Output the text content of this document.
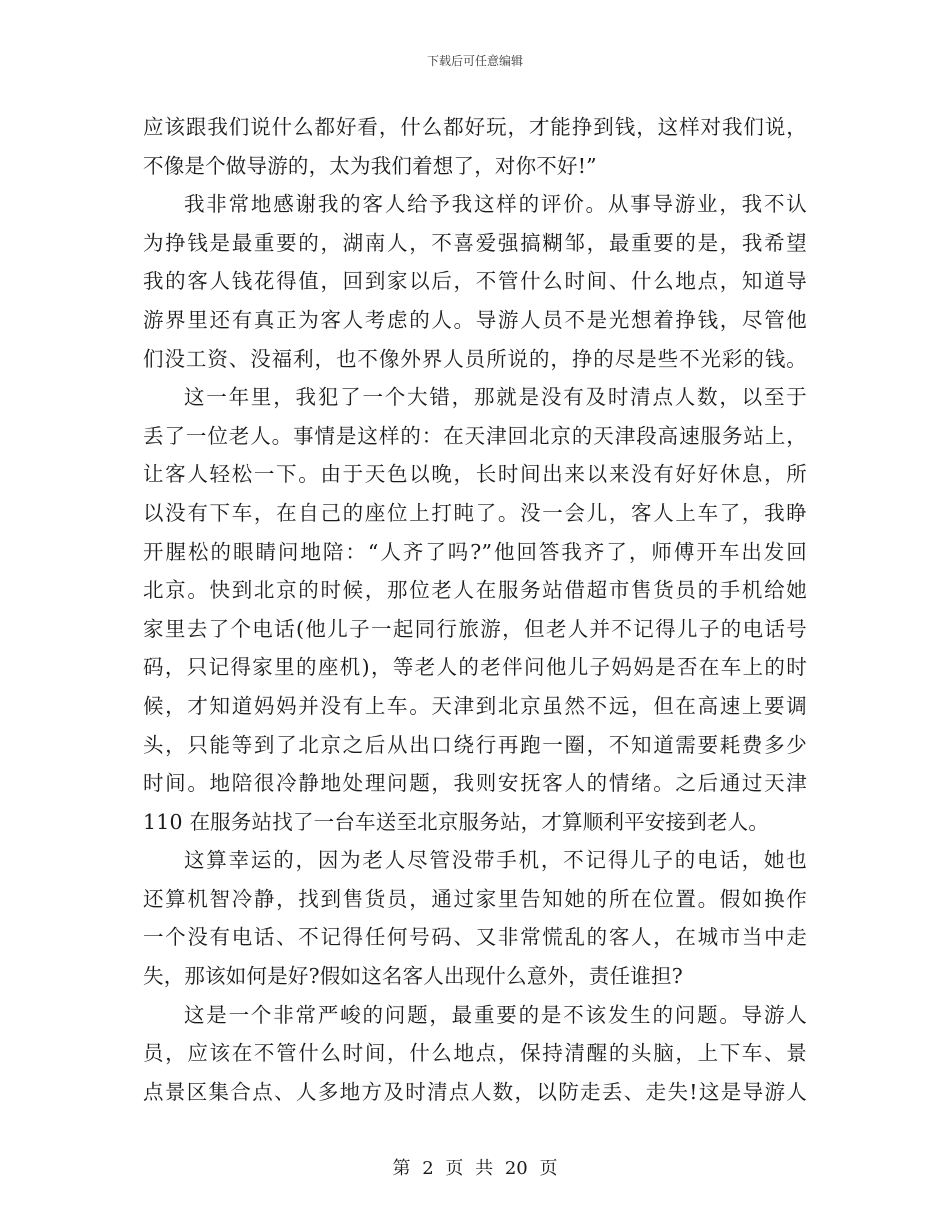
下载后可任意编辑
应该跟我们说什么都好看，什么都好玩，才能挣到钱，这样对我们说，
不像是个做导游的，太为我们着想了，对你不好!”
我非常地感谢我的客人给予我这样的评价。从事导游业，我不认
为挣钱是最重要的，湖南人，不喜爱强搞糊邹，最重要的是，我希望
我的客人钱花得值，回到家以后，不管什么时间、什么地点，知道导
游界里还有真正为客人考虑的人。导游人员不是光想着挣钱，尽管他
们没工资、没福利，也不像外界人员所说的，挣的尽是些不光彩的钱。
这一年里，我犯了一个大错，那就是没有及时清点人数，以至于
丢了一位老人。事情是这样的：在天津回北京的天津段高速服务站上，
让客人轻松一下。由于天色以晚，长时间出来以来没有好好休息，所
以没有下车，在自己的座位上打盹了。没一会儿，客人上车了，我睁
开腥松的眼睛问地陪：“人齐了吗?”他回答我齐了，师傅开车出发回
北京。快到北京的时候，那位老人在服务站借超市售货员的手机给她
家里去了个电话(他儿子一起同行旅游，但老人并不记得儿子的电话号
码，只记得家里的座机)，等老人的老伴问他儿子妈妈是否在车上的时
候，才知道妈妈并没有上车。天津到北京虽然不远，但在高速上要调
头，只能等到了北京之后从出口绕行再跑一圈，不知道需要耗费多少
时间。地陪很冷静地处理问题，我则安抚客人的情绪。之后通过天津
110 在服务站找了一台车送至北京服务站，才算顺利平安接到老人。
这算幸运的，因为老人尽管没带手机，不记得儿子的电话，她也
还算机智冷静，找到售货员，通过家里告知她的所在位置。假如换作
一个没有电话、不记得任何号码、又非常慌乱的客人，在城市当中走
失，那该如何是好?假如这名客人出现什么意外，责任谁担?
这是一个非常严峻的问题，最重要的是不该发生的问题。导游人
员，应该在不管什么时间，什么地点，保持清醒的头脑，上下车、景
点景区集合点、人多地方及时清点人数，以防走丢、走失!这是导游人
第 2 页 共 20 页
